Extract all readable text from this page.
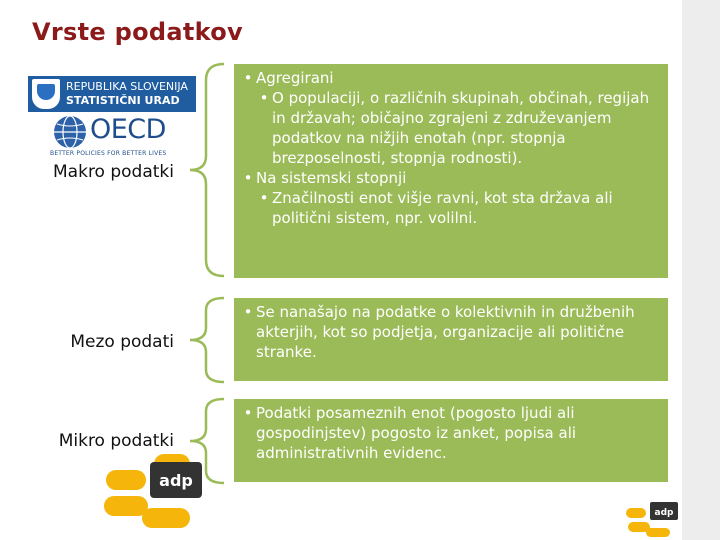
Vrste podatkov
REPUBLIKA SLOVENIJA
STATISTIČNI URAD
OECD
BETTER POLICIES FOR BETTER LIVES
Makro podatki
Mezo podati
Mikro podatki
• Agregirani
• O populaciji, o različnih skupinah, občinah, regijah in državah; običajno zgrajeni z združevanjem podatkov na nižjih enotah (npr. stopnja brezposelnosti, stopnja rodnosti).
• Na sistemski stopnji
• Značilnosti enot višje ravni, kot sta država ali politični sistem, npr. volilni.
• Se nanašajo na podatke o kolektivnih in družbenih akterjih, kot so podjetja, organizacije ali politične stranke.
• Podatki posameznih enot (pogosto ljudi ali gospodinjstev) pogosto iz anket, popisa ali administrativnih evidenc.
adp
adp
